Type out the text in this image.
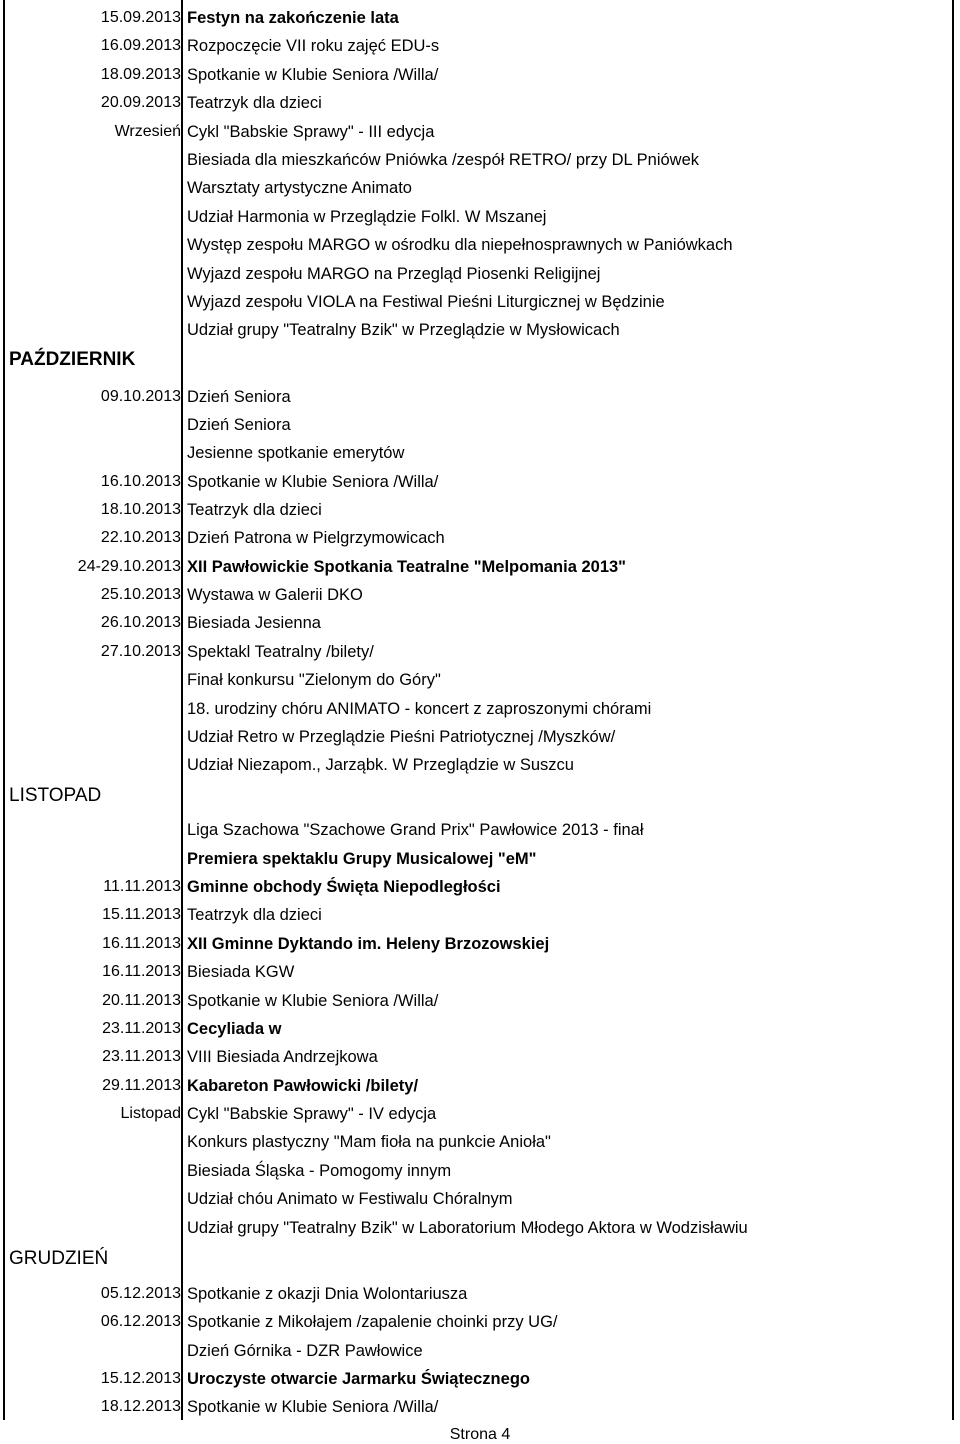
15.09.2013 Festyn na zakończenie lata
16.09.2013 Rozpoczęcie VII roku zajęć EDU-s
18.09.2013 Spotkanie w Klubie Seniora /Willa/
20.09.2013 Teatrzyk dla dzieci
Wrzesień Cykl "Babskie Sprawy" - III edycja
Biesiada dla mieszkańców Pniówka /zespół RETRO/ przy DL Pniówek
Warsztaty artystyczne Animato
Udział Harmonia w Przeglądzie Folkl. W Mszanej
Występ zespołu MARGO w ośrodku dla niepełnosprawnych w Paniówkach
Wyjazd zespołu MARGO na Przegląd Piosenki Religijnej
Wyjazd zespołu VIOLA na Festiwal Pieśni Liturgicznej w Będzinie
Udział grupy "Teatralny Bzik" w Przeglądzie w Mysłowicach
PAŹDZIERNIK
09.10.2013 Dzień Seniora
Dzień Seniora
Jesienne spotkanie emerytów
16.10.2013 Spotkanie w Klubie Seniora /Willa/
18.10.2013 Teatrzyk dla dzieci
22.10.2013 Dzień Patrona w Pielgrzymowicach
24-29.10.2013 XII Pawłowickie Spotkania Teatralne "Melpomania 2013"
25.10.2013 Wystawa w Galerii DKO
26.10.2013 Biesiada Jesienna
27.10.2013 Spektakl Teatralny /bilety/
Finał konkursu "Zielonym do Góry"
18. urodziny chóru ANIMATO - koncert z zaproszonymi chórami
Udział Retro w Przeglądzie Pieśni Patriotycznej /Myszków/
Udział Niezapom., Jarząbk. W Przeglądzie w Suszcu
LISTOPAD
Liga Szachowa "Szachowe Grand Prix" Pawłowice 2013 - finał
Premiera spektaklu Grupy Musicalowej "eM"
11.11.2013 Gminne obchody Święta Niepodległości
15.11.2013 Teatrzyk dla dzieci
16.11.2013 XII Gminne Dyktando im. Heleny Brzozowskiej
16.11.2013 Biesiada KGW
20.11.2013 Spotkanie w Klubie Seniora /Willa/
23.11.2013 Cecyliada w
23.11.2013 VIII Biesiada Andrzejkowa
29.11.2013 Kabareton Pawłowicki /bilety/
Listopad Cykl "Babskie Sprawy" - IV edycja
Konkurs plastyczny "Mam fioła na punkcie Anioła"
Biesiada Śląska - Pomogomy innym
Udział chóu Animato w Festiwalu Chóralnym
Udział grupy "Teatralny Bzik" w Laboratorium Młodego Aktora w Wodzisławiu
GRUDZIEŃ
05.12.2013 Spotkanie z okazji Dnia Wolontariusza
06.12.2013 Spotkanie z Mikołajem /zapalenie choinki przy UG/
Dzień Górnika - DZR Pawłowice
15.12.2013 Uroczyste otwarcie Jarmarku Świątecznego
18.12.2013 Spotkanie w Klubie Seniora /Willa/
Strona 4
